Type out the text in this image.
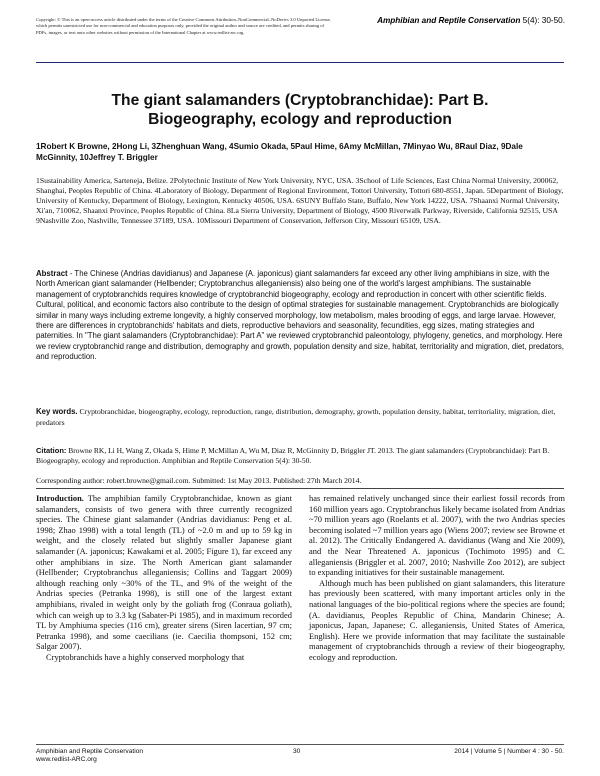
Copyright: © This is an open-access article distributed under the terms of the Creative Commons Attribution–NonCommercial–NoDerivs 3.0 Unported License, which permits unrestricted use for non-commercial and education purposes only, provided the original author and source are credited, and permits sharing of PDFs, images, or text onto other websites without permission of the International Chapter at www.redlist-arc.org.
Amphibian and Reptile Conservation 5(4): 30-50.
The giant salamanders (Cryptobranchidae): Part B.
Biogeography, ecology and reproduction
1Robert K Browne, 2Hong Li, 3Zhenghuan Wang, 4Sumio Okada, 5Paul Hime, 6Amy McMillan, 7Minyao Wu, 8Raul Diaz, 9Dale McGinnity, 10Jeffrey T. Briggler
1Sustainability America, Sarteneja, Belize. 2Polytechnic Institute of New York University, NYC, USA. 3School of Life Sciences, East China Normal University, 200062, Shanghai, Peoples Republic of China. 4Laboratory of Biology, Department of Regional Environment, Tottori University, Tottori 680-8551, Japan. 5Department of Biology, University of Kentucky, Department of Biology, Lexington, Kentucky 40506, USA. 6SUNY Buffalo State, Buffalo, New York 14222, USA. 7Shaanxi Normal University, Xi'an, 710062, Shaanxi Province, Peoples Republic of China. 8La Sierra University, Department of Biology, 4500 Riverwalk Parkway, Riverside, California 92515, USA 9Nashville Zoo, Nashville, Tennessee 37189, USA. 10Missouri Department of Conservation, Jefferson City, Missouri 65109, USA.
Abstract - The Chinese (Andrias davidianus) and Japanese (A. japonicus) giant salamanders far exceed any other living amphibians in size, with the North American giant salamander (Hellbender; Cryptobranchus alleganiensis) also being one of the world's largest amphibians. The sustainable management of cryptobranchids requires knowledge of cryptobranchid biogeography, ecology and reproduction in concert with other scientific fields. Cultural, political, and economic factors also contribute to the design of optimal strategies for sustainable management. Cryptobranchids are biologically similar in many ways including extreme longevity, a highly conserved morphology, low metabolism, males brooding of eggs, and large larvae. However, there are differences in cryptobranchids' habitats and diets, reproductive behaviors and seasonality, fecundities, egg sizes, mating strategies and paternities. In "The giant salamanders (Cryptobranchidae): Part A" we reviewed cryptobranchid paleontology, phylogeny, genetics, and morphology. Here we review cryptobranchid range and distribution, demography and growth, population density and size, habitat, territoriality and migration, diet, predators, and reproduction.
Key words. Cryptobranchidae, biogeography, ecology, reproduction, range, distribution, demography, growth, population density, habitat, territoriality, migration, diet, predators
Citation: Browne RK, Li H, Wang Z, Okada S, Hime P, McMillan A, Wu M, Diaz R, McGinnity D, Briggler JT. 2013. The giant salamanders (Cryptobranchidae): Part B. Biogeography, ecology and reproduction. Amphibian and Reptile Conservation 5(4): 30-50.
Corresponding author: robert.browne@gmail.com. Submitted: 1st May 2013. Published: 27th March 2014.

Introduction. The amphibian family Cryptobranchidae, known as giant salamanders, consists of two genera with three currently recognized species. The Chinese giant salamander (Andrias davidianus: Peng et al. 1998; Zhao 1998) with a total length (TL) of ~2.0 m and up to 59 kg in weight, and the closely related but slightly smaller Japanese giant salamander (A. japonicus; Kawakami et al. 2005; Figure 1), far exceed any other amphibians in size. The North American giant salamander (Hellbender; Cryptobranchus alleganiensis; Collins and Taggart 2009) although reaching only ~30% of the TL, and 9% of the weight of the Andrias species (Petranka 1998), is still one of the largest extant amphibians, rivaled in weight only by the goliath frog (Conraua goliath), which can weigh up to 3.3 kg (Sabater-Pi 1985), and in maximum recorded TL by Amphiuma species (116 cm), greater sirens (Siren lacertian, 97 cm; Petranka 1998), and some caecilians (ie. Caecilia thompsoni, 152 cm; Salgar 2007).

Cryptobranchids have a highly conserved morphology that

has remained relatively unchanged since their earliest fossil records from 160 million years ago. Cryptobranchus likely became isolated from Andrias ~70 million years ago (Roelants et al. 2007), with the two Andrias species becoming isolated ~7 million years ago (Wiens 2007; review see Browne et al. 2012). The Critically Endangered A. davidianus (Wang and Xie 2009), and the Near Threatened A. japonicus (Tochimoto 1995) and C. alleganiensis (Briggler et al. 2007, 2010; Nashville Zoo 2012), are subject to expanding initiatives for their sustainable management.

Although much has been published on giant salamanders, this literature has previously been scattered, with many important articles only in the national languages of the bio-political regions where the species are found; (A. davidianus, Peoples Republic of China, Mandarin Chinese; A. japonicus, Japan, Japanese; C. alleganiensis, United States of America, English). Here we provide information that may facilitate the sustainable management of cryptobranchids through a review of their biogeography, ecology and reproduction.

Amphibian and Reptile Conservation
www.redlist-ARC.org
30	2014 | Volume 5 | Number 4 : 30 - 50.
